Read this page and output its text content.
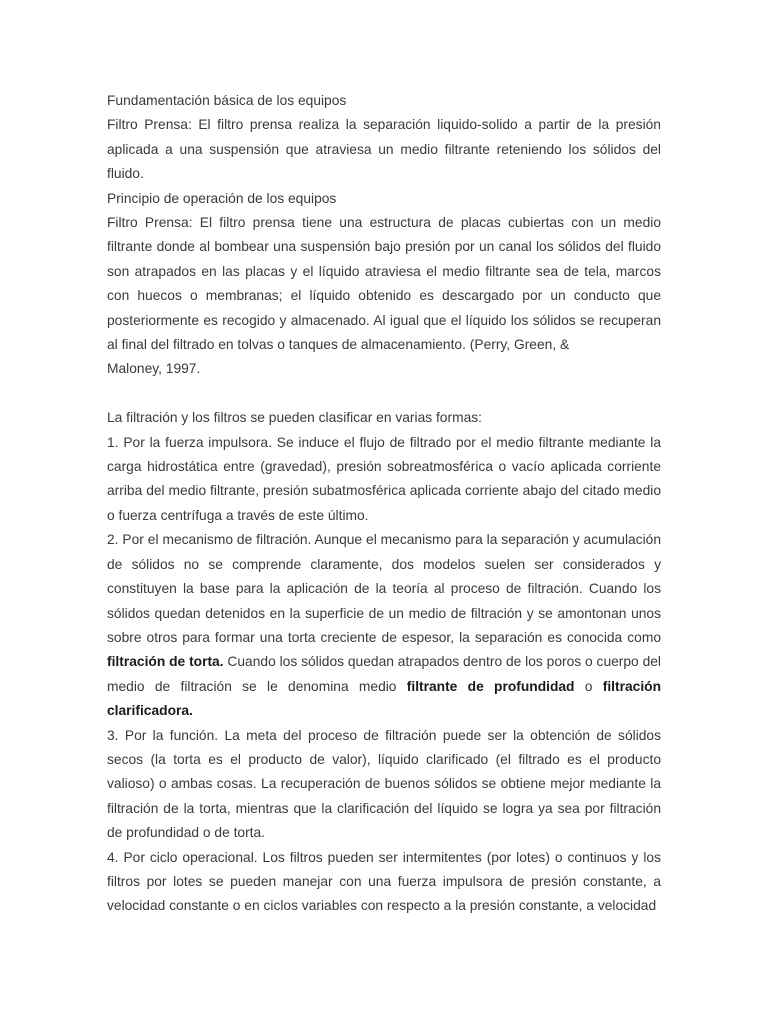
Fundamentación básica de los equipos

Filtro Prensa: El filtro prensa realiza la separación liquido-solido a partir de la presión aplicada a una suspensión que atraviesa un medio filtrante reteniendo los sólidos del fluido.

Principio de operación de los equipos

Filtro Prensa: El filtro prensa tiene una estructura de placas cubiertas con un medio filtrante donde al bombear una suspensión bajo presión por un canal los sólidos del fluido son atrapados en las placas y el líquido atraviesa el medio filtrante sea de tela, marcos con huecos o membranas; el líquido obtenido es descargado por un conducto que posteriormente es recogido y almacenado. Al igual que el líquido los sólidos se recuperan al final del filtrado en tolvas o tanques de almacenamiento. (Perry, Green, &

Maloney, 1997.

La filtración y los filtros se pueden clasificar en varias formas:

1. Por la fuerza impulsora. Se induce el flujo de filtrado por el medio filtrante mediante la carga hidrostática entre (gravedad), presión sobreatmosférica o vacío aplicada corriente arriba del medio filtrante, presión subatmosférica aplicada corriente abajo del citado medio o fuerza centrífuga a través de este último.

2. Por el mecanismo de filtración. Aunque el mecanismo para la separación y acumulación de sólidos no se comprende claramente, dos modelos suelen ser considerados y constituyen la base para la aplicación de la teoría al proceso de filtración. Cuando los sólidos quedan detenidos en la superficie de un medio de filtración y se amontonan unos sobre otros para formar una torta creciente de espesor, la separación es conocida como filtración de torta. Cuando los sólidos quedan atrapados dentro de los poros o cuerpo del medio de filtración se le denomina medio filtrante de profundidad o filtración clarificadora.

3. Por la función. La meta del proceso de filtración puede ser la obtención de sólidos secos (la torta es el producto de valor), líquido clarificado (el filtrado es el producto valioso) o ambas cosas. La recuperación de buenos sólidos se obtiene mejor mediante la filtración de la torta, mientras que la clarificación del líquido se logra ya sea por filtración de profundidad o de torta.

4. Por ciclo operacional. Los filtros pueden ser intermitentes (por lotes) o continuos y los filtros por lotes se pueden manejar con una fuerza impulsora de presión constante, a velocidad constante o en ciclos variables con respecto a la presión constante, a velocidad
